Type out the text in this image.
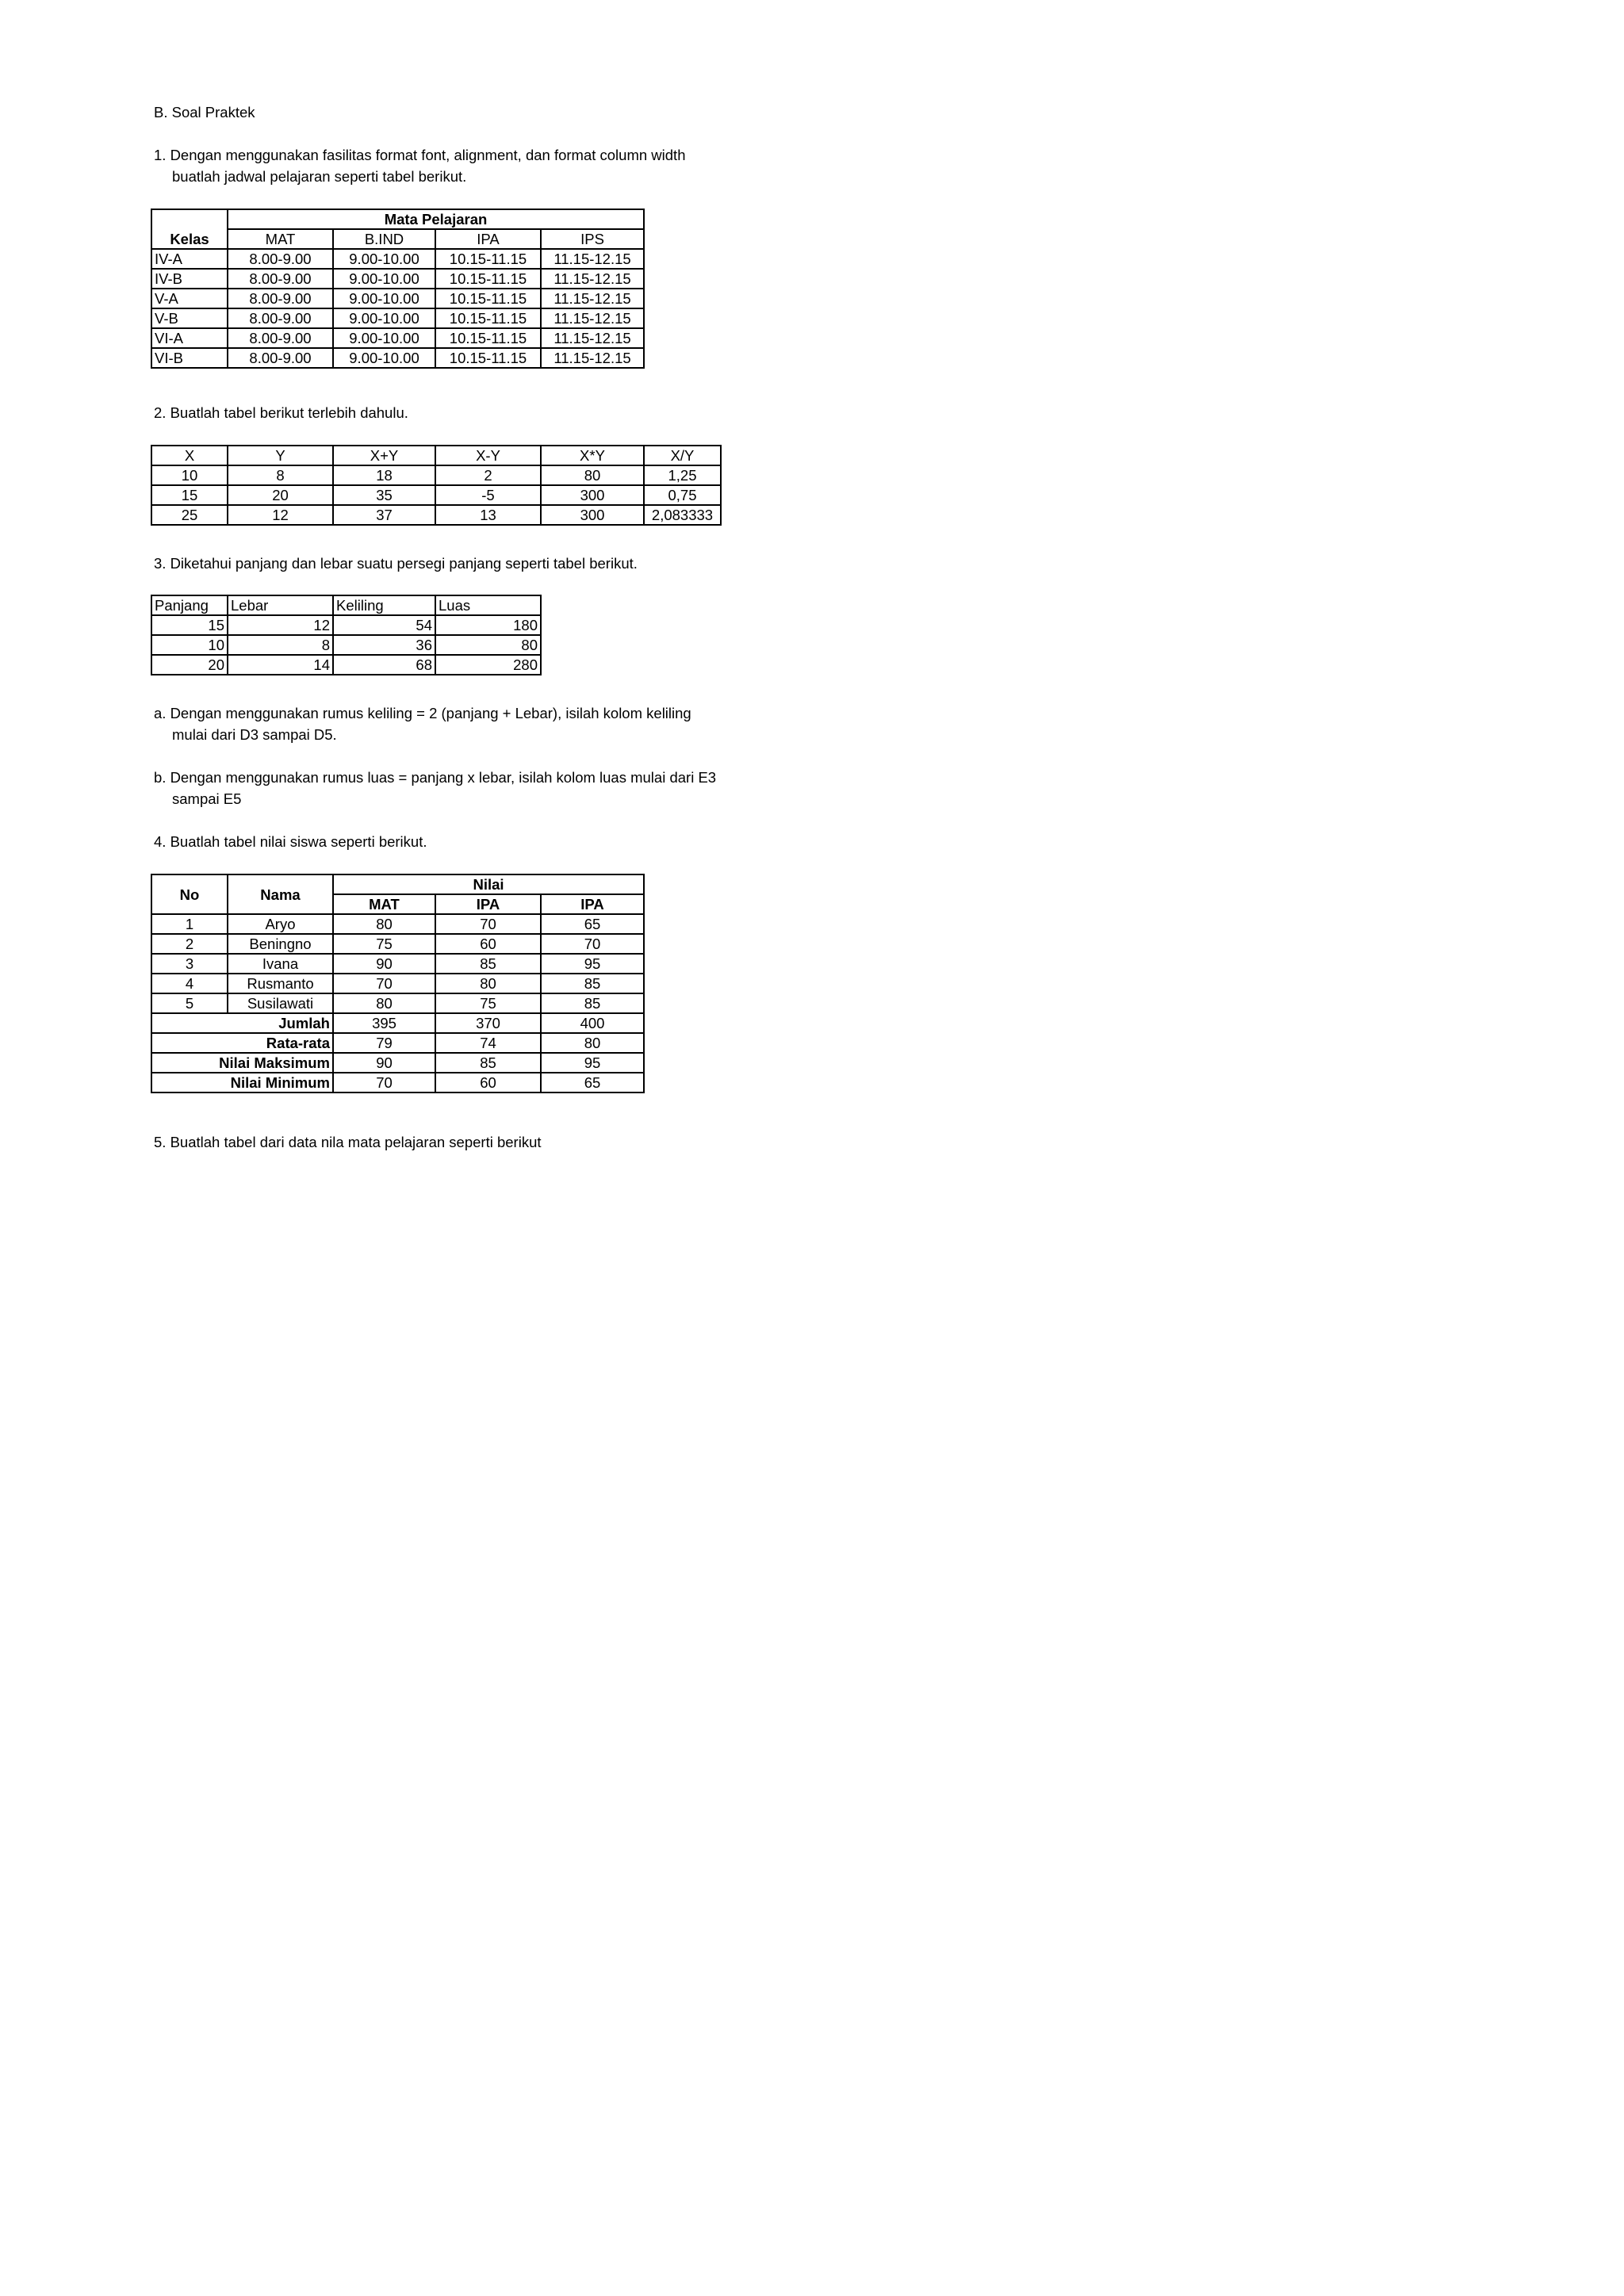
B. Soal Praktek
1. Dengan menggunakan fasilitas format font, alignment, dan format column width
buatlah jadwal pelajaran seperti tabel berikut.
	Mata Pelajaran			
Kelas	MAT	B.IND	IPA	IPS
IV-A	8.00-9.00	9.00-10.00	10.15-11.15	11.15-12.15
IV-B	8.00-9.00	9.00-10.00	10.15-11.15	11.15-12.15
V-A	8.00-9.00	9.00-10.00	10.15-11.15	11.15-12.15
V-B	8.00-9.00	9.00-10.00	10.15-11.15	11.15-12.15
VI-A	8.00-9.00	9.00-10.00	10.15-11.15	11.15-12.15
VI-B	8.00-9.00	9.00-10.00	10.15-11.15	11.15-12.15
2. Buatlah tabel berikut terlebih dahulu.
X	Y	X+Y	X-Y	X*Y	X/Y
10	8	18	2	80	1,25
15	20	35	-5	300	0,75
25	12	37	13	300	2,083333
3. Diketahui panjang dan lebar suatu persegi panjang seperti tabel berikut.
Panjang	Lebar	Keliling	Luas
15	12	54	180
10	8	36	80
20	14	68	280
a. Dengan menggunakan rumus keliling = 2 (panjang + Lebar), isilah kolom keliling
mulai dari D3 sampai D5.
b. Dengan menggunakan rumus luas = panjang x lebar, isilah kolom luas mulai dari E3
sampai E5
4. Buatlah tabel nilai siswa seperti berikut.
No	Nama	Nilai		
		MAT	IPA	IPA
1	Aryo	80	70	65
2	Beningno	75	60	70
3	Ivana	90	85	95
4	Rusmanto	70	80	85
5	Susilawati	80	75	85
Jumlah		395	370	400
Rata-rata		79	74	80
Nilai Maksimum		90	85	95
Nilai Minimum		70	60	65
5. Buatlah tabel dari data nila mata pelajaran seperti berikut
